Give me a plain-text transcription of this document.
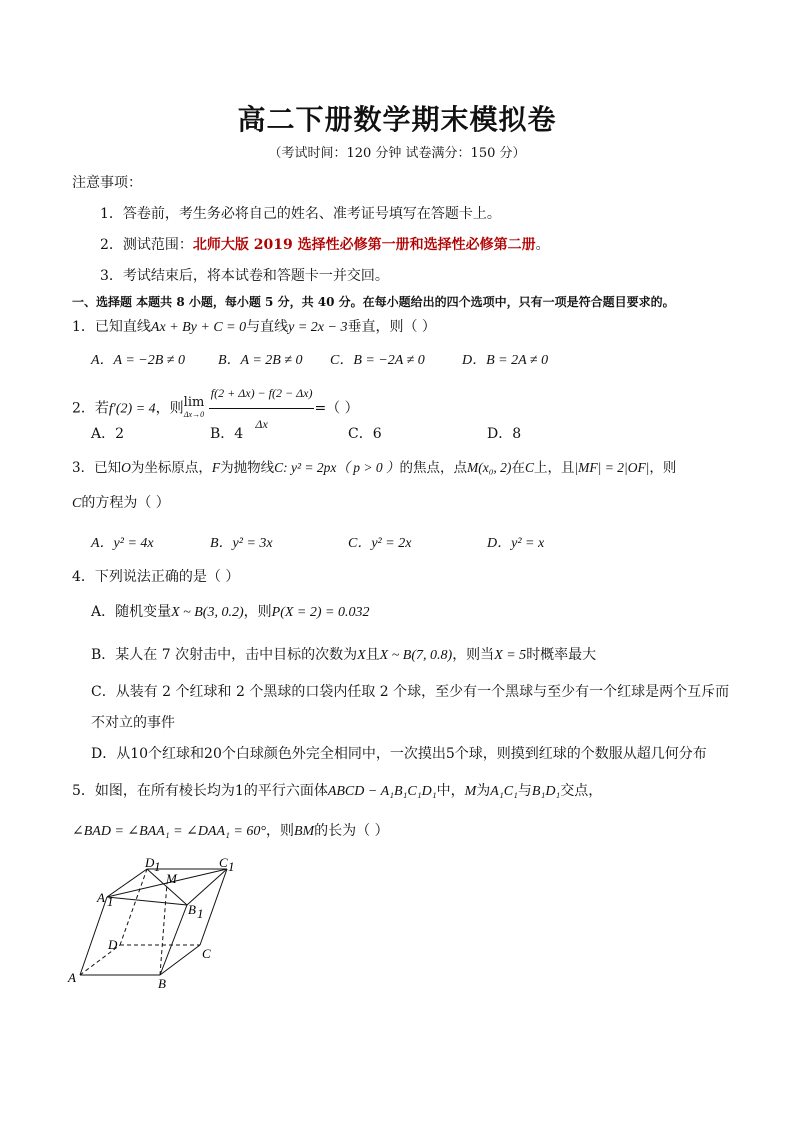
高二下册数学期末模拟卷
（考试时间：120 分钟 试卷满分：150 分）
注意事项：
1．答卷前，考生务必将自己的姓名、准考证号填写在答题卡上。
2．测试范围：北师大版 2019 选择性必修第一册和选择性必修第二册。
3．考试结束后，将本试卷和答题卡一并交回。
一、选择题 本题共 8 小题，每小题 5 分，共 40 分。在每小题给出的四个选项中，只有一项是符合题目要求的。
1．已知直线Ax + By + C = 0与直线y = 2x − 3垂直，则（ ）
A．A = −2B ≠ 0 B．A = 2B ≠ 0 C．B = −2A ≠ 0	D．B = 2A ≠ 0
2．若f′(2) = 4，则lim
Δx→0
$\frac{f(2 + \Delta x) - f(2 - \Delta x)}{\Delta x}$ =（ ）
A．2	B．4	C．6	D．8
3．已知O为坐标原点，F为抛物线C: y² = 2px（ p > 0 ）的焦点，点M(x₀, 2)在C上，且|MF| = 2|OF|，则
C的方程为（ ）
A．y² = 4x	B．y² = 3x	C．y² = 2x	D．y² = x
4．下列说法正确的是（ ）
A．随机变量X ~ B(3, 0.2)，则P(X = 2) = 0.032
B．某人在 7 次射击中，击中目标的次数为X且X ~ B(7, 0.8)，则当X = 5时概率最大
C．从装有 2 个红球和 2 个黑球的口袋内任取 2 个球，至少有一个黑球与至少有一个红球是两个互斥而
不对立的事件
D．从10个红球和20个白球颜色外完全相同中，一次摸出5个球，则摸到红球的个数服从超几何分布
5．如图，在所有棱长均为1的平行六面体ABCD − A₁B₁C₁D₁中，M为A₁C₁与B₁D₁交点，
∠BAD = ∠BAA₁ = ∠DAA₁ = 60°，则BM的长为（ ）
A	B
C
D
A 1
B 1
C 1
D 1
M
